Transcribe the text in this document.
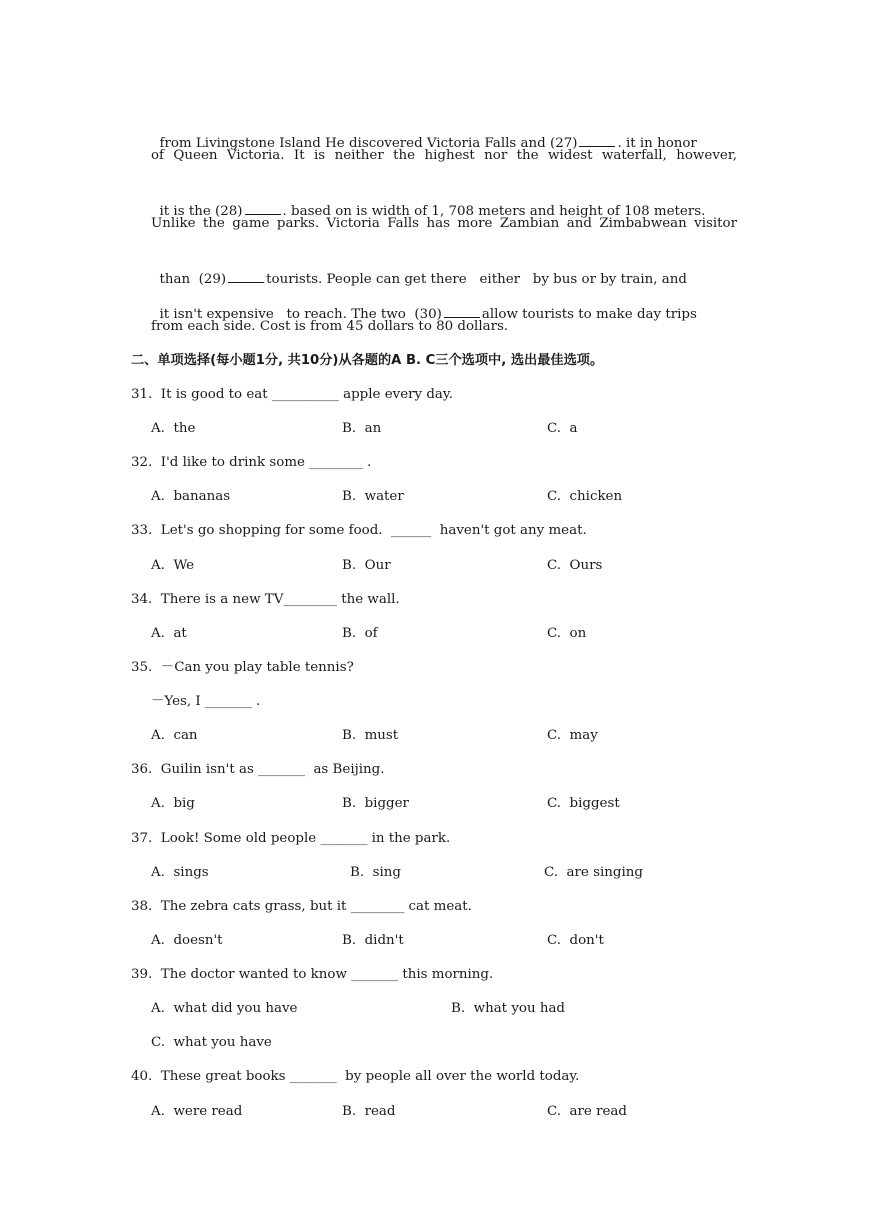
from Livingstone Island He discovered Victoria Falls and (27)	. it in honor

of Queen Victoria. It is neither the highest nor the widest waterfall, however,

it is the (28)	. based on is width of 1, 708 meters and height of 108 meters.

Unlike the game parks. Victoria Falls has more Zambian and Zimbabwean visitor

than  (29)	tourists. People can get there   either   by bus or by train, and

it isn't expensive   to reach. The two  (30)	allow tourists to make day trips

from each side. Cost is from 45 dollars to 80 dollars.
二、单项选择(每小题1分, 共10分)从各题的A B. C三个选项中, 选出最佳选项。
31.  It is good to eat __________ apple every day.
A.  the	B.  an	C.  a
32.  I'd like to drink some ________ .
A.  bananas	B.  water	C.  chicken
33.  Let's go shopping for some food.  ______  haven't got any meat.
A.  We	B.  Our	C.  Ours
34.  There is a new TV________ the wall.
A.  at	B.  of	C.  on
35.  －Can you play table tennis?
－Yes, I _______ .
A.  can	B.  must	C.  may
36.  Guilin isn't as _______  as Beijing.
A.  big	B.  bigger	C.  biggest
37.  Look! Some old people _______ in the park.
A.  sings	B.  sing	C.  are singing
38.  The zebra cats grass, but it ________ cat meat.
A.  doesn't	B.  didn't	C.  don't
39.  The doctor wanted to know _______ this morning.
A.  what did you have	B.  what you had
C.  what you have
40.  These great books _______  by people all over the world today.
A.  were read	B.  read	C.  are read
